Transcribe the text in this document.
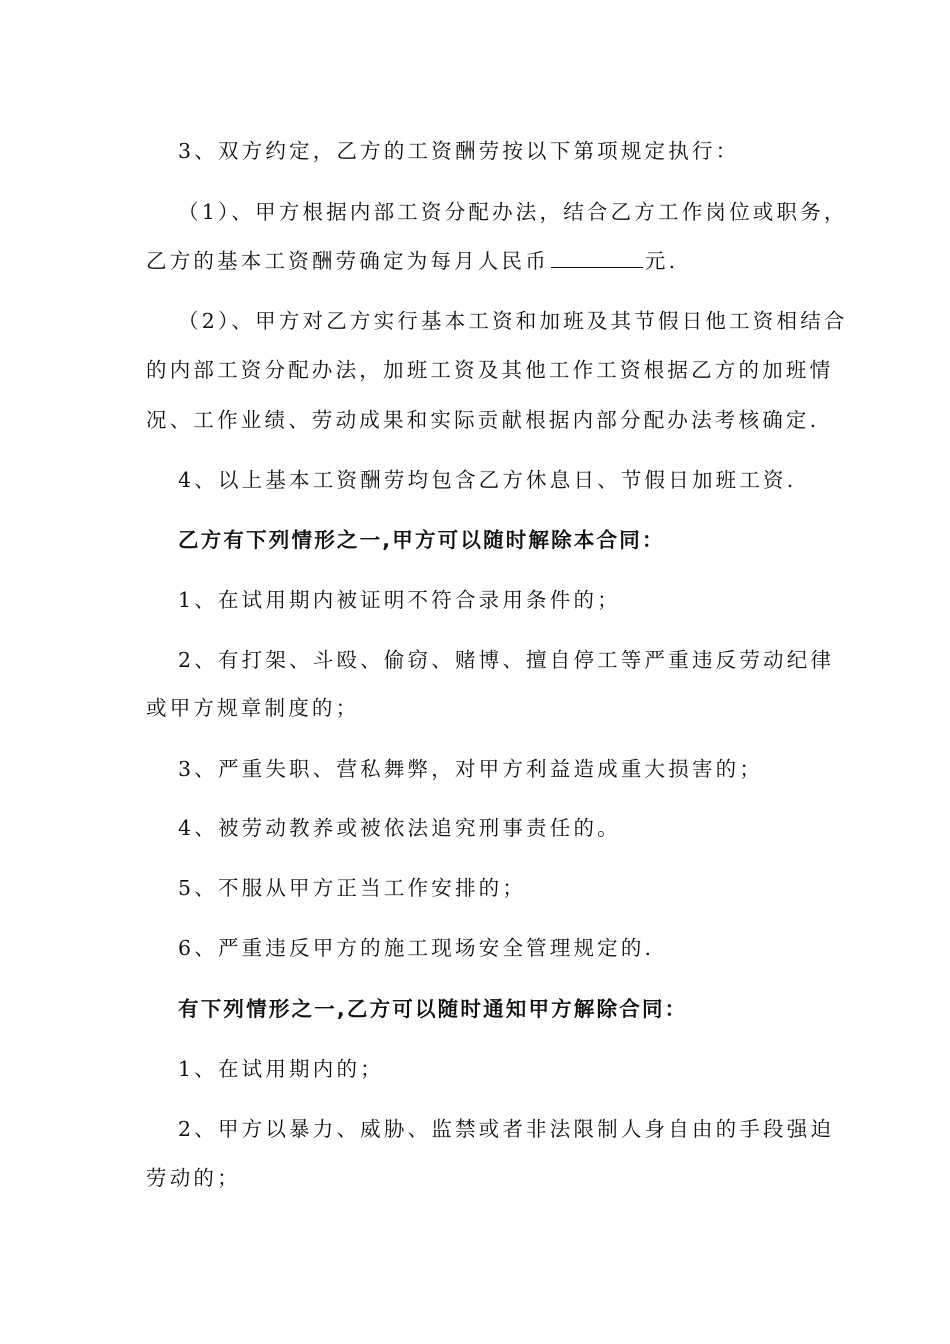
3、双方约定，乙方的工资酬劳按以下第项规定执行：
（1）、甲方根据内部工资分配办法，结合乙方工作岗位或职务，
乙方的基本工资酬劳确定为每月人民币	元.
（2）、甲方对乙方实行基本工资和加班及其节假日他工资相结合
的内部工资分配办法，加班工资及其他工作工资根据乙方的加班情
况、工作业绩、劳动成果和实际贡献根据内部分配办法考核确定.
4、以上基本工资酬劳均包含乙方休息日、节假日加班工资.
乙方有下列情形之一,甲方可以随时解除本合同：
1、在试用期内被证明不符合录用条件的；
2、有打架、斗殴、偷窃、赌博、擅自停工等严重违反劳动纪律
或甲方规章制度的；
3、严重失职、营私舞弊，对甲方利益造成重大损害的；
4、被劳动教养或被依法追究刑事责任的。
5、不服从甲方正当工作安排的；
6、严重违反甲方的施工现场安全管理规定的.
有下列情形之一,乙方可以随时通知甲方解除合同：
1、在试用期内的；
2、甲方以暴力、威胁、监禁或者非法限制人身自由的手段强迫
劳动的；
